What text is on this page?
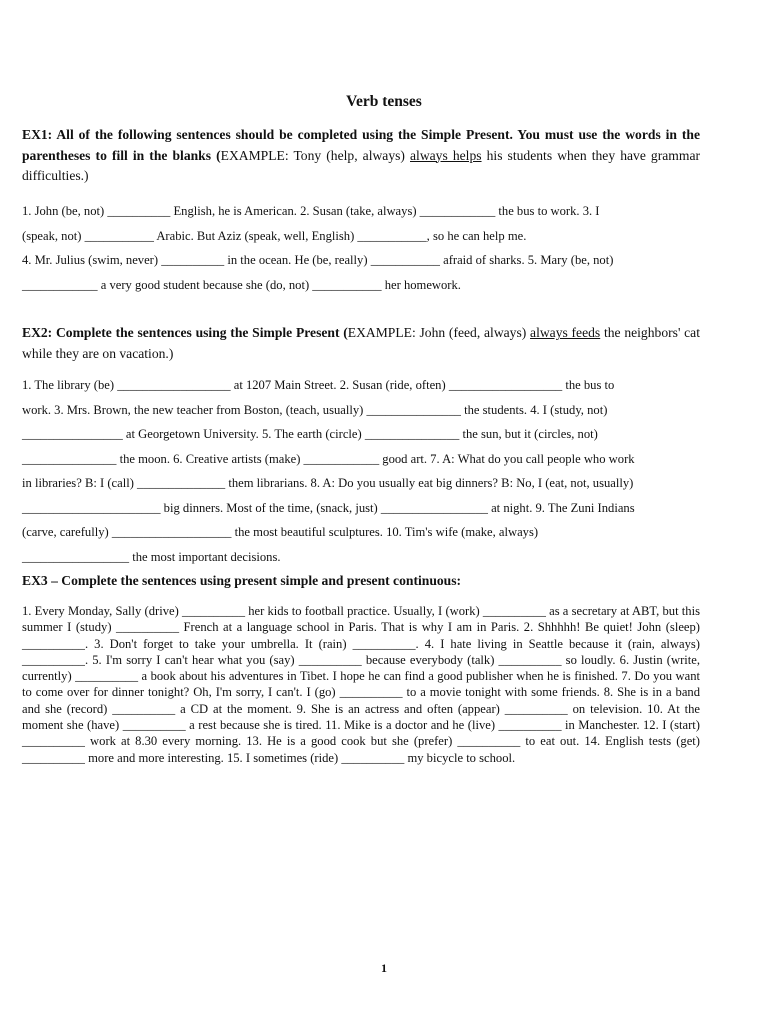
Verb tenses
EX1: All of the following sentences should be completed using the Simple Present. You must use the words in the parentheses to fill in the blanks (EXAMPLE: Tony (help, always) always helps his students when they have grammar difficulties.)

1. John (be, not) __________ English, he is American. 2. Susan (take, always) ____________ the bus to work. 3. I

(speak, not) ___________ Arabic. But Aziz (speak, well, English) ___________, so he can help me.

4. Mr. Julius (swim, never) __________ in the ocean. He (be, really) ___________ afraid of sharks. 5. Mary (be, not)

____________ a very good student because she (do, not) ___________ her homework.

EX2: Complete the sentences using the Simple Present (EXAMPLE: John (feed, always) always feeds the neighbors' cat while they are on vacation.)

1. The library (be) __________________ at 1207 Main Street. 2. Susan (ride, often) __________________ the bus to

work. 3. Mrs. Brown, the new teacher from Boston, (teach, usually) _______________ the students. 4. I (study, not)

________________ at Georgetown University. 5. The earth (circle) _______________ the sun, but it (circles, not)

_______________ the moon. 6. Creative artists (make) ____________ good art. 7. A: What do you call people who work

in libraries? B: I (call) ______________ them librarians. 8. A: Do you usually eat big dinners? B: No, I (eat, not, usually)

______________________ big dinners. Most of the time, (snack, just) _________________ at night. 9. The Zuni Indians

(carve, carefully) ___________________ the most beautiful sculptures. 10. Tim's wife (make, always)

_________________ the most important decisions.

EX3 – Complete the sentences using present simple and present continuous:
1. Every Monday, Sally (drive) __________ her kids to football practice. Usually, I (work) __________ as a secretary at ABT, but this summer I (study) __________ French at a language school in Paris. That is why I am in Paris. 2. Shhhhh! Be quiet! John (sleep) __________. 3. Don't forget to take your umbrella. It (rain) __________. 4. I hate living in Seattle because it (rain, always) __________. 5. I'm sorry I can't hear what you (say) __________ because everybody (talk) __________ so loudly. 6. Justin (write, currently) __________ a book about his adventures in Tibet. I hope he can find a good publisher when he is finished. 7. Do you want to come over for dinner tonight? Oh, I'm sorry, I can't. I (go) __________ to a movie tonight with some friends. 8. She is in a band and she (record) __________ a CD at the moment. 9. She is an actress and often (appear) __________ on television. 10. At the moment she (have) __________ a rest because she is tired. 11. Mike is a doctor and he (live) __________ in Manchester. 12. I (start) __________ work at 8.30 every morning. 13. He is a good cook but she (prefer) __________ to eat out. 14. English tests (get) __________ more and more interesting. 15. I sometimes (ride) __________ my bicycle to school.
1
